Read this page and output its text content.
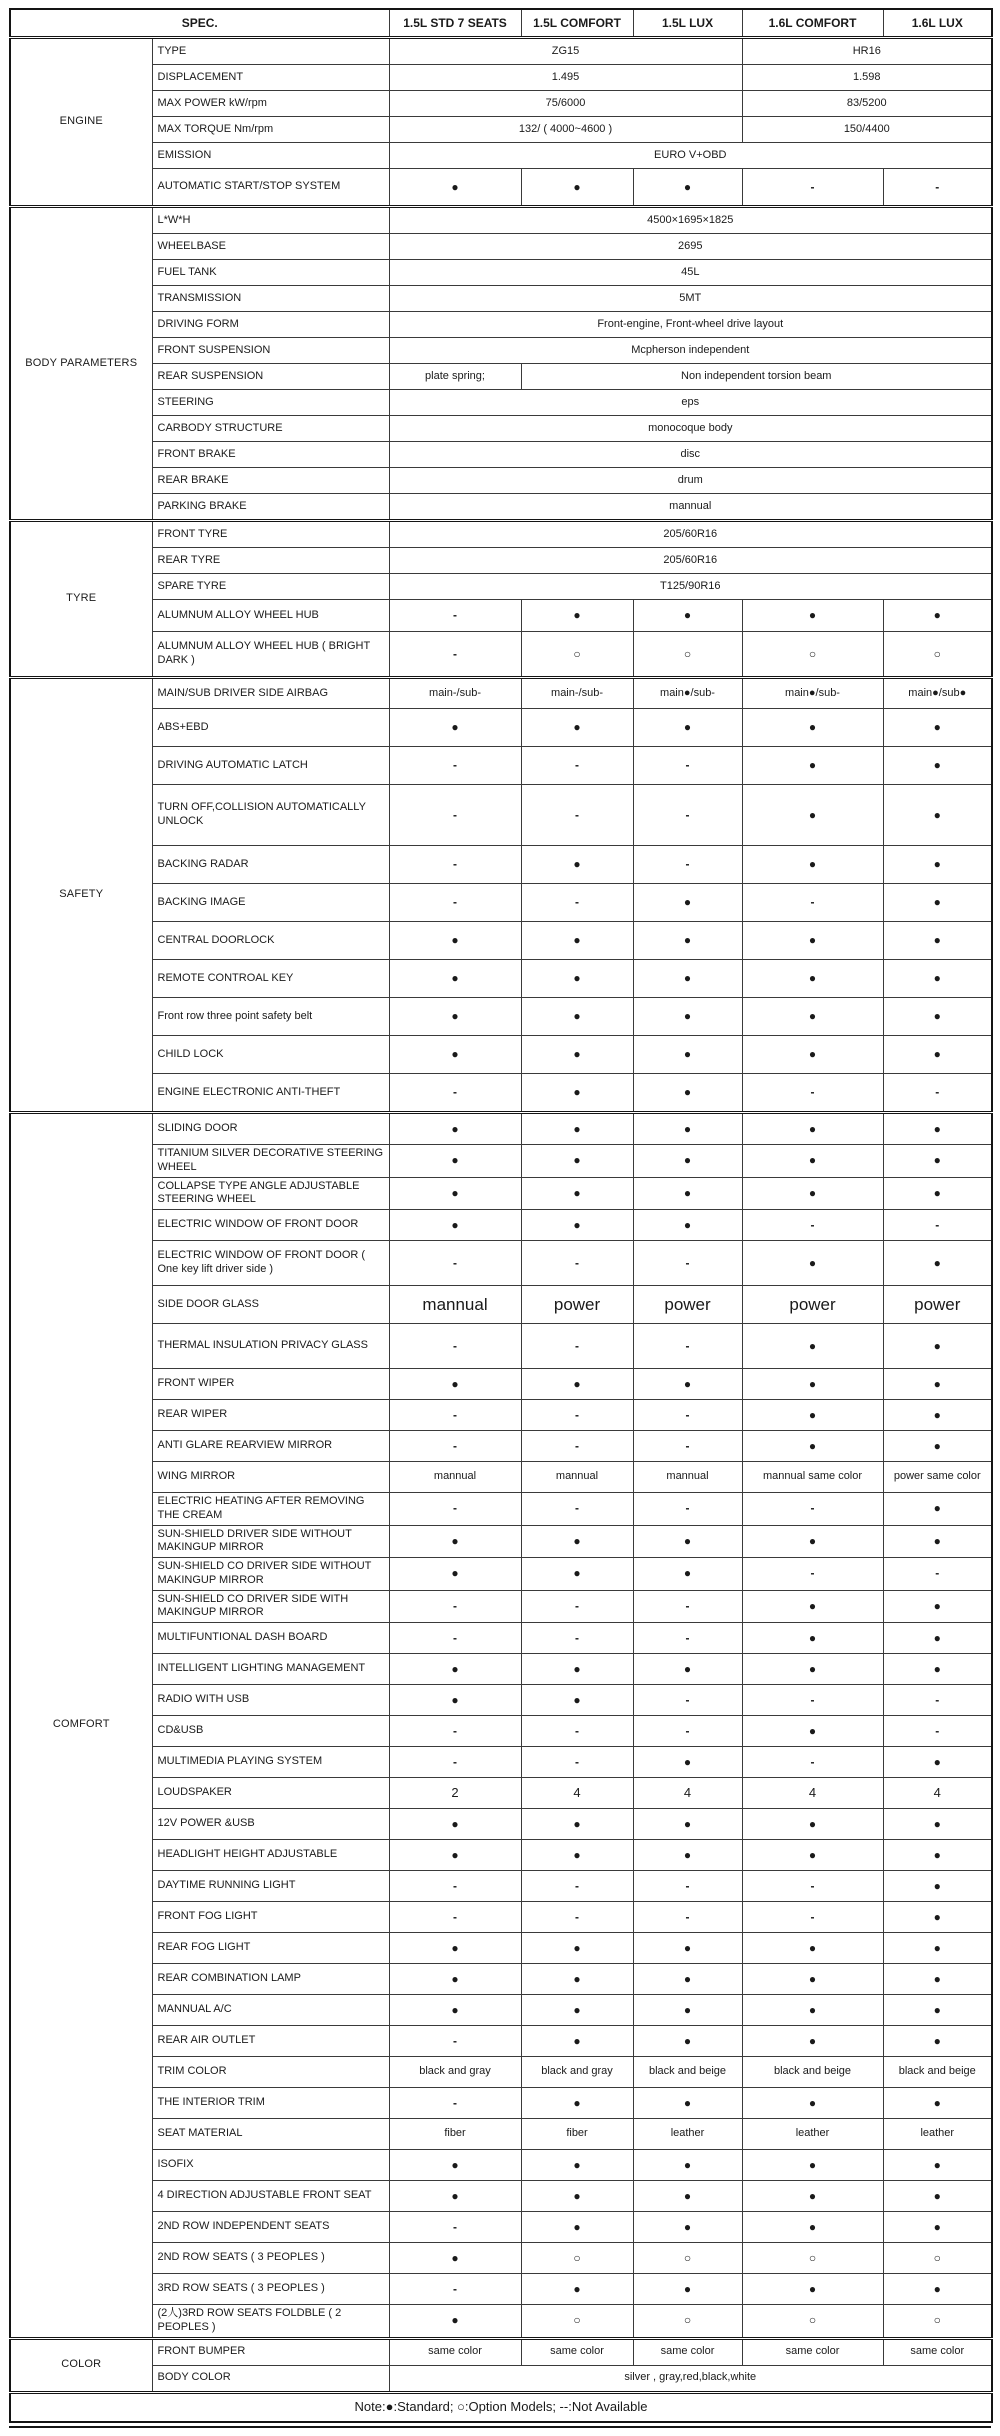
SPEC.		1.5L STD 7 SEATS	1.5L COMFORT	1.5L LUX	1.6L COMFORT	1.6L LUX
ENGINE	TYPE	ZG15			HR16	
	DISPLACEMENT	1.495			1.598	
	MAX POWER kW/rpm	75/6000			83/5200	
	MAX TORQUE Nm/rpm	132/ ( 4000~4600 )			150/4400	
	EMISSION	EURO V+OBD				
	AUTOMATIC START/STOP SYSTEM	●	●	●	-	-
BODY PARAMETERS	L*W*H	4500×1695×1825				
	WHEELBASE	2695				
	FUEL TANK	45L				
	TRANSMISSION	5MT				
	DRIVING FORM	Front-engine, Front-wheel drive layout				
	FRONT SUSPENSION	Mcpherson independent				
	REAR SUSPENSION	plate spring;	Non independent torsion beam			
	STEERING	eps				
	CARBODY STRUCTURE	monocoque body				
	FRONT BRAKE	disc				
	REAR BRAKE	drum				
	PARKING BRAKE	mannual				
TYRE	FRONT TYRE	205/60R16				
	REAR TYRE	205/60R16				
	SPARE TYRE	T125/90R16				
	ALUMNUM ALLOY WHEEL HUB	-	●	●	●	●
	ALUMNUM ALLOY WHEEL HUB ( BRIGHT DARK )	-	○	○	○	○
SAFETY	MAIN/SUB DRIVER SIDE AIRBAG	main-/sub-	main-/sub-	main●/sub-	main●/sub-	main●/sub●
	ABS+EBD	●	●	●	●	●
	DRIVING AUTOMATIC LATCH	-	-	-	●	●
	TURN OFF,COLLISION AUTOMATICALLY UNLOCK	-	-	-	●	●
	BACKING RADAR	-	●	-	●	●
	BACKING IMAGE	-	-	●	-	●
	CENTRAL DOORLOCK	●	●	●	●	●
	REMOTE CONTROAL KEY	●	●	●	●	●
	Front row three point safety belt	●	●	●	●	●
	CHILD LOCK	●	●	●	●	●
	ENGINE ELECTRONIC ANTI-THEFT	-	●	●	-	-
COMFORT	SLIDING DOOR	●	●	●	●	●
	TITANIUM SILVER DECORATIVE STEERING WHEEL	●	●	●	●	●
	COLLAPSE TYPE ANGLE ADJUSTABLE STEERING WHEEL	●	●	●	●	●
	ELECTRIC WINDOW OF FRONT DOOR	●	●	●	-	-
	ELECTRIC WINDOW OF FRONT DOOR ( One key lift driver side )	-	-	-	●	●
	SIDE DOOR GLASS	mannual	power	power	power	power
	THERMAL INSULATION PRIVACY GLASS	-	-	-	●	●
	FRONT WIPER	●	●	●	●	●
	REAR WIPER	-	-	-	●	●
	ANTI GLARE REARVIEW MIRROR	-	-	-	●	●
	WING MIRROR	mannual	mannual	mannual	mannual same color	power same color
	ELECTRIC HEATING AFTER REMOVING THE CREAM	-	-	-	-	●
	SUN-SHIELD DRIVER SIDE WITHOUT MAKINGUP MIRROR	●	●	●	●	●
	SUN-SHIELD CO DRIVER SIDE WITHOUT MAKINGUP MIRROR	●	●	●	-	-
	SUN-SHIELD CO DRIVER SIDE WITH MAKINGUP MIRROR	-	-	-	●	●
	MULTIFUNTIONAL DASH BOARD	-	-	-	●	●
	INTELLIGENT LIGHTING MANAGEMENT	●	●	●	●	●
	RADIO WITH USB	●	●	-	-	-
	CD&USB	-	-	-	●	-
	MULTIMEDIA PLAYING SYSTEM	-	-	●	-	●
	LOUDSPAKER	2	4	4	4	4
	12V POWER &USB	●	●	●	●	●
	HEADLIGHT HEIGHT ADJUSTABLE	●	●	●	●	●
	DAYTIME RUNNING LIGHT	-	-	-	-	●
	FRONT FOG LIGHT	-	-	-	-	●
	REAR FOG LIGHT	●	●	●	●	●
	REAR COMBINATION LAMP	●	●	●	●	●
	MANNUAL A/C	●	●	●	●	●
	REAR AIR OUTLET	-	●	●	●	●
	TRIM COLOR	black and gray	black and gray	black and beige	black and beige	black and beige
	THE INTERIOR TRIM	-	●	●	●	●
	SEAT MATERIAL	fiber	fiber	leather	leather	leather
	ISOFIX	●	●	●	●	●
	4 DIRECTION ADJUSTABLE FRONT SEAT	●	●	●	●	●
	2ND ROW INDEPENDENT SEATS	-	●	●	●	●
	2ND ROW SEATS ( 3 PEOPLES )	●	○	○	○	○
	3RD ROW SEATS ( 3 PEOPLES )	-	●	●	●	●
	(2人)3RD ROW SEATS FOLDBLE ( 2 PEOPLES )	●	○	○	○	○
COLOR	FRONT BUMPER	same color	same color	same color	same color	same color
	BODY COLOR	silver , gray,red,black,white				
Note:●:Standard; ○:Option Models; --:Not Available						
